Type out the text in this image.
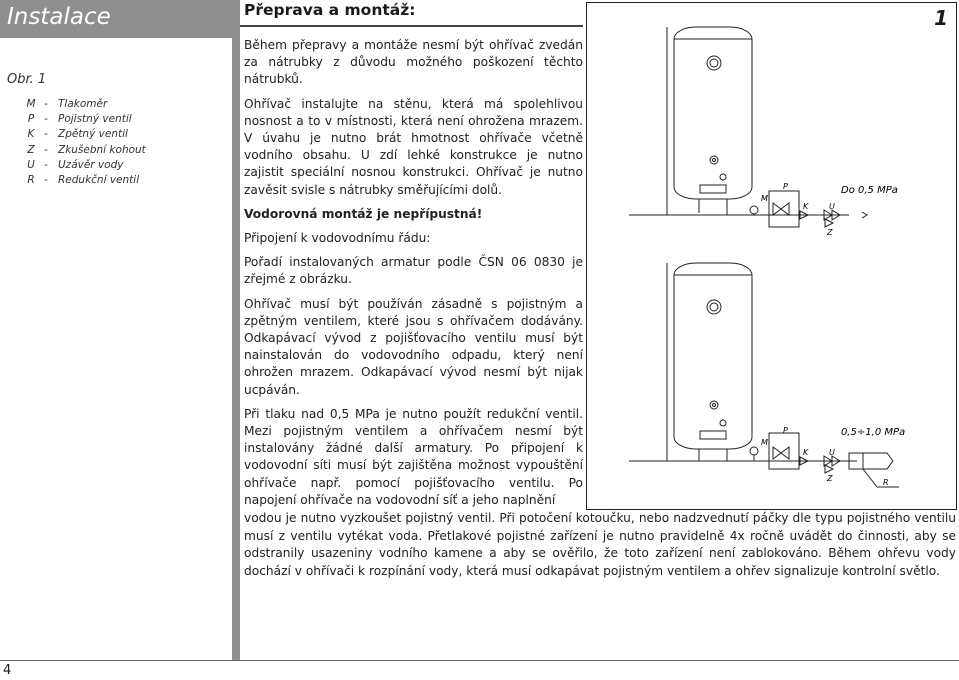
Instalace
Obr. 1
M - Tlakoměr
P - Pojistný ventil
K - Zpětný ventil
Z - Zkušební kohout
U - Uzávěr vody
R - Redukční ventil
Přeprava a montáž:

Během přepravy a montáže nesmí být ohřívač zvedán za nátrubky z důvodu možného poškození těchto nátrubků.

Ohřívač instalujte na stěnu, která má spolehlivou nosnost a to v místnosti, která není ohrožena mrazem. V úvahu je nutno brát hmotnost ohřívače včetně vodního obsahu. U zdí lehké konstrukce je nutno zajistit speciální nosnou konstrukci. Ohřívač je nutno zavěsit svisle s nátrubky směřujícími dolů.

Vodorovná montáž je nepřípustná!

Připojení k vodovodnímu řádu:

Pořadí instalovaných armatur podle ČSN 06 0830 je zřejmé z obrázku.

Ohřívač musí být používán zásadně s pojistným a zpětným ventilem, které jsou s ohřívačem dodávány. Odkapávací vývod z pojišťovacího ventilu musí být nainstalován do vodovodního odpadu, který není ohrožen mrazem. Odkapávací vývod nesmí být nijak ucpáván.

Při tlaku nad 0,5 MPa je nutno použít redukční ventil. Mezi pojistným ventilem a ohřívačem nesmí být instalovány žádné další armatury. Po připojení k vodovodní síti musí být zajištěna možnost vypouštění ohřívače např. pomocí pojišťovacího ventilu. Po napojení ohřívače na vodovodní síť a jeho naplnění

vodou je nutno vyzkoušet pojistný ventil. Při potočení kotoučku, nebo nadzvednutí páčky dle typu pojistného ventilu musí z ventilu vytékat voda. Přetlakové pojistné zařízení je nutno pravidelně 4x ročně uvádět do činnosti, aby se odstranily usazeniny vodního kamene a aby se ověřilo, že toto zařízení není zablokováno. Během ohřevu vody dochází v ohřívači k rozpínání vody, která musí odkapávat pojistným ventilem a ohřev signalizuje kontrolní světlo.
1
M
P
K
Z
U
Do 0,5 MPa
M
P
K
Z
U
R
0,5÷1,0 MPa
4
